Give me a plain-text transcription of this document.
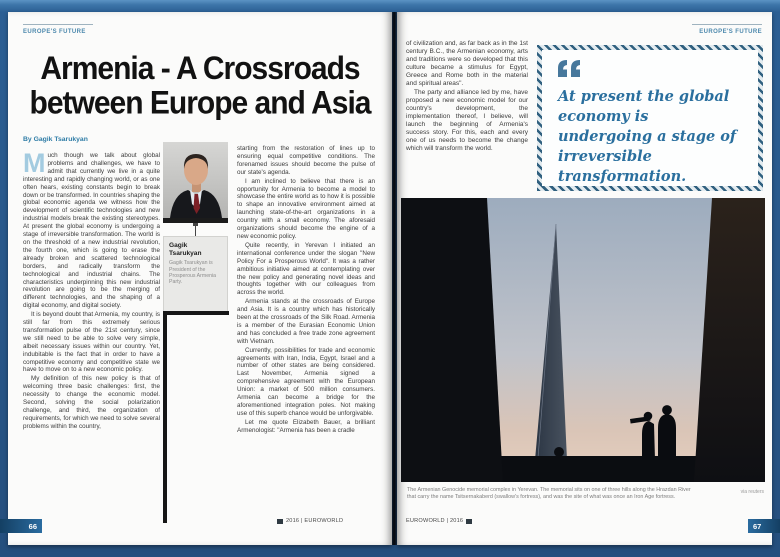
EUROPE'S FUTURE
Armenia - A Crossroads
between Europe and Asia
By Gagik Tsarukyan

Much though we talk about global problems and challenges, we have to admit that currently we live in a quite interesting and rapidly changing world, or as one often hears, existing constants begin to break down or be transformed. In countries shaping the global economic agenda we witness how the development of scientific technologies and new industrial models break the existing stereotypes. At present the global economy is undergoing a stage of irreversible transformation. The world is on the threshold of a new industrial revolution, the fourth one, which is going to erase the already broken and scattered technological borders, and radically transform the technological and industrial chains. The characteristics underpinning this new industrial revolution are going to be the merging of different technologies, and the shaping of a digital economy, and digital society.

It is beyond doubt that Armenia, my country, is still far from this extremely serious transformation pulse of the 21st century, since we still need to be able to solve very simple, albeit necessary issues within our country. Yet, indubitable is the fact that in order to have a competitive economy and competitive state we have to move on to a new economic policy.

My definition of this new policy is that of welcoming three basic challenges: first, the necessity to change the economic model. Second, solving the social polarization challenge, and third, the organization of requirements, for which we need to solve several problems within the country,

Gagik Tsarukyan
Gagik Tsarukyan is President of the Prosperous Armenia Party.

starting from the restoration of lines up to ensuring equal competitive conditions. The forenamed issues should become the pulse of our state's agenda.

I am inclined to believe that there is an opportunity for Armenia to become a model to showcase the entire world as to how it is possible to shape an innovative environment aimed at launching state-of-the-art organizations in a country with a small economy. The aforesaid organizations should become the engine of a new economic policy.

Quite recently, in Yerevan I initiated an international conference under the slogan "New Policy For a Prosperous World". It was a rather ambitious initiative aimed at contemplating over the new policy and generating novel ideas and thoughts together with our colleagues from across the world.

Armenia stands at the crossroads of Europe and Asia. It is a country which has historically been at the crossroads of the Silk Road. Armenia is a member of the Eurasian Economic Union and has concluded a free trade zone agreement with Vietnam.

Currently, possibilities for trade and economic agreements with Iran, India, Egypt, Israel and a number of other states are being considered. Last November, Armenia signed a comprehensive agreement with the European Union: a market of 500 million consumers. Armenia can become a bridge for the aforementioned integration poles. Not making use of this superb chance would be unforgivable.

Let me quote Elizabeth Bauer, a brilliant Armenologist: "Armenia has been a cradle

EUROPE'S FUTURE

of civilization and, as far back as in the 1st century B.C., the Armenian economy, arts and traditions were so developed that this culture became a stimulus for Egypt, Greece and Rome both in the material and spiritual areas".

The party and alliance led by me, have proposed a new economic model for our country's development, the implementation thereof, I believe, will launch the beginning of Armenia's success story. For this, each and every one of us needs to become the change which will transform the world.

At present the global economy is undergoing a stage of irreversible transformation.
The Armenian Genocide memorial complex in Yerevan. The memorial sits on one of three hills along the Hrazdan River that carry the name Tsitsernakaberd (swallow's fortress), and was the site of what was once an Iron Age fortress.
via reuters
66
2016 | EUROWORLD	EUROWORLD | 2016
67
